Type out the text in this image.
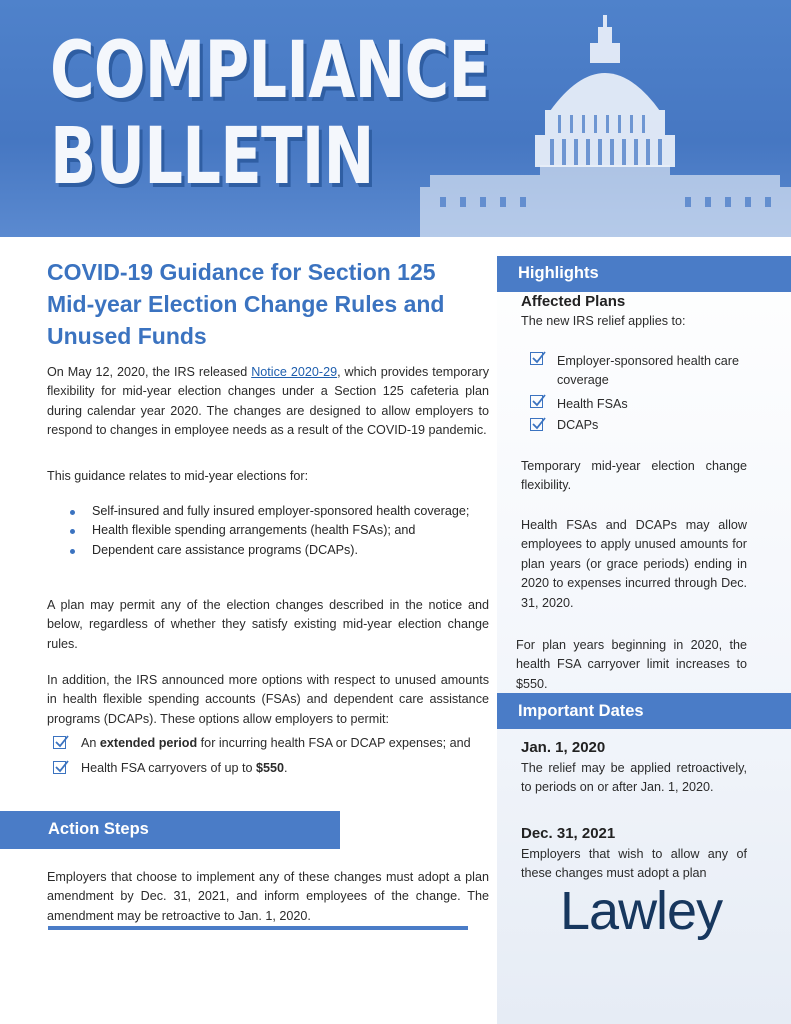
COMPLIANCE
BULLETIN
COVID-19 Guidance for Section 125 Mid-year Election Change Rules and Unused Funds

On May 12, 2020, the IRS released Notice 2020-29, which provides temporary flexibility for mid-year election changes under a Section 125 cafeteria plan during calendar year 2020. The changes are designed to allow employers to respond to changes in employee needs as a result of the COVID-19 pandemic.

This guidance relates to mid-year elections for:

Self-insured and fully insured employer-sponsored health coverage;
Health flexible spending arrangements (health FSAs); and
Dependent care assistance programs (DCAPs).

A plan may permit any of the election changes described in the notice and below, regardless of whether they satisfy existing mid-year election change rules.

In addition, the IRS announced more options with respect to unused amounts in health flexible spending accounts (FSAs) and dependent care assistance programs (DCAPs). These options allow employers to permit:

An extended period for incurring health FSA or DCAP expenses; and
Health FSA carryovers of up to $550.
Action Steps

Employers that choose to implement any of these changes must adopt a plan amendment by Dec. 31, 2021, and inform employees of the change. The amendment may be retroactive to Jan. 1, 2020.

Highlights
Affected Plans
The new IRS relief applies to:
Employer-sponsored health care coverage
Health FSAs
DCAPs
Temporary mid-year election change flexibility.
Health FSAs and DCAPs may allow employees to apply unused amounts for plan years (or grace periods) ending in 2020 to expenses incurred through Dec. 31, 2020.
For plan years beginning in 2020, the health FSA carryover limit increases to $550.
Important Dates
Jan. 1, 2020
The relief may be applied retroactively, to periods on or after Jan. 1, 2020.
Dec. 31, 2021
Employers that wish to allow any of these changes must adopt a plan
Lawley
